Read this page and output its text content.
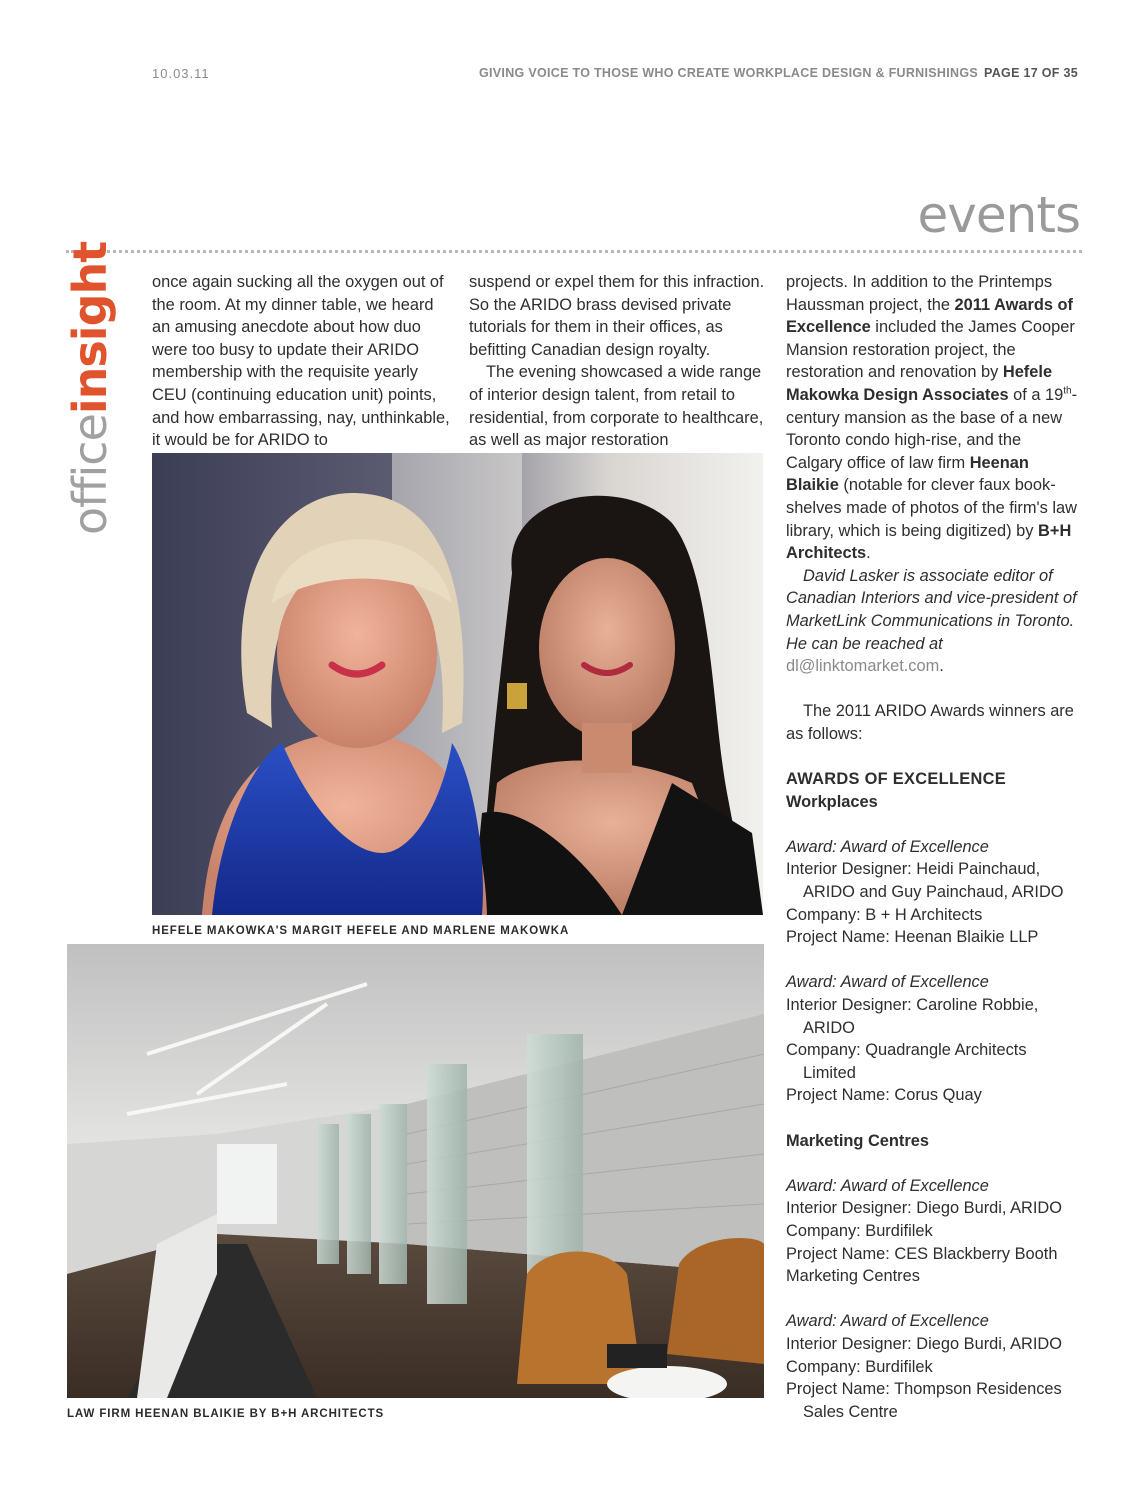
10.03.11	GIVING VOICE TO THOSE WHO CREATE WORKPLACE DESIGN & FURNISHINGS PAGE 17 OF 35
events
officeinsight once again sucking all the oxygen out of the room. At my dinner table, we heard an amusing anecdote about how duo were too busy to update their ARIDO membership with the requisite yearly CEU (continuing education unit) points, and how embarrassing, nay, unthinkable, it would be for ARIDO to

suspend or expel them for this infraction. So the ARIDO brass devised private tutorials for them in their offices, as befitting Canadian design royalty.

The evening showcased a wide range of interior design talent, from retail to residential, from corporate to healthcare, as well as major restoration

projects. In addition to the Printemps Haussman project, the 2011 Awards of Excellence included the James Cooper Mansion restoration project, the restoration and renovation by Hefele Makowka Design Associates of a 19th-century mansion as the base of a new Toronto condo high-rise, and the Calgary office of law firm Heenan Blaikie (notable for clever faux book-shelves made of photos of the firm's law library, which is being digitized) by B+H Architects.

David Lasker is associate editor of Canadian Interiors and vice-president of MarketLink Communications in Toronto. He can be reached at dl@linktomarket.com.

The 2011 ARIDO Awards winners are as follows:

AWARDS OF EXCELLENCE

Workplaces

Award: Award of Excellence

Interior Designer: Heidi Painchaud, ARIDO and Guy Painchaud, ARIDO

Company: B + H Architects

Project Name: Heenan Blaikie LLP

Award: Award of Excellence

Interior Designer: Caroline Robbie, ARIDO

Company: Quadrangle Architects Limited

Project Name: Corus Quay

Marketing Centres

Award: Award of Excellence

Interior Designer: Diego Burdi, ARIDO

Company: Burdifilek

Project Name: CES Blackberry Booth Marketing Centres

Award: Award of Excellence

Interior Designer: Diego Burdi, ARIDO

Company: Burdifilek

Project Name: Thompson Residences Sales Centre

HEFELE MAKOWKA'S MARGIT HEFELE AND MARLENE MAKOWKA
LAW FIRM HEENAN BLAIKIE BY B+H ARCHITECTS
